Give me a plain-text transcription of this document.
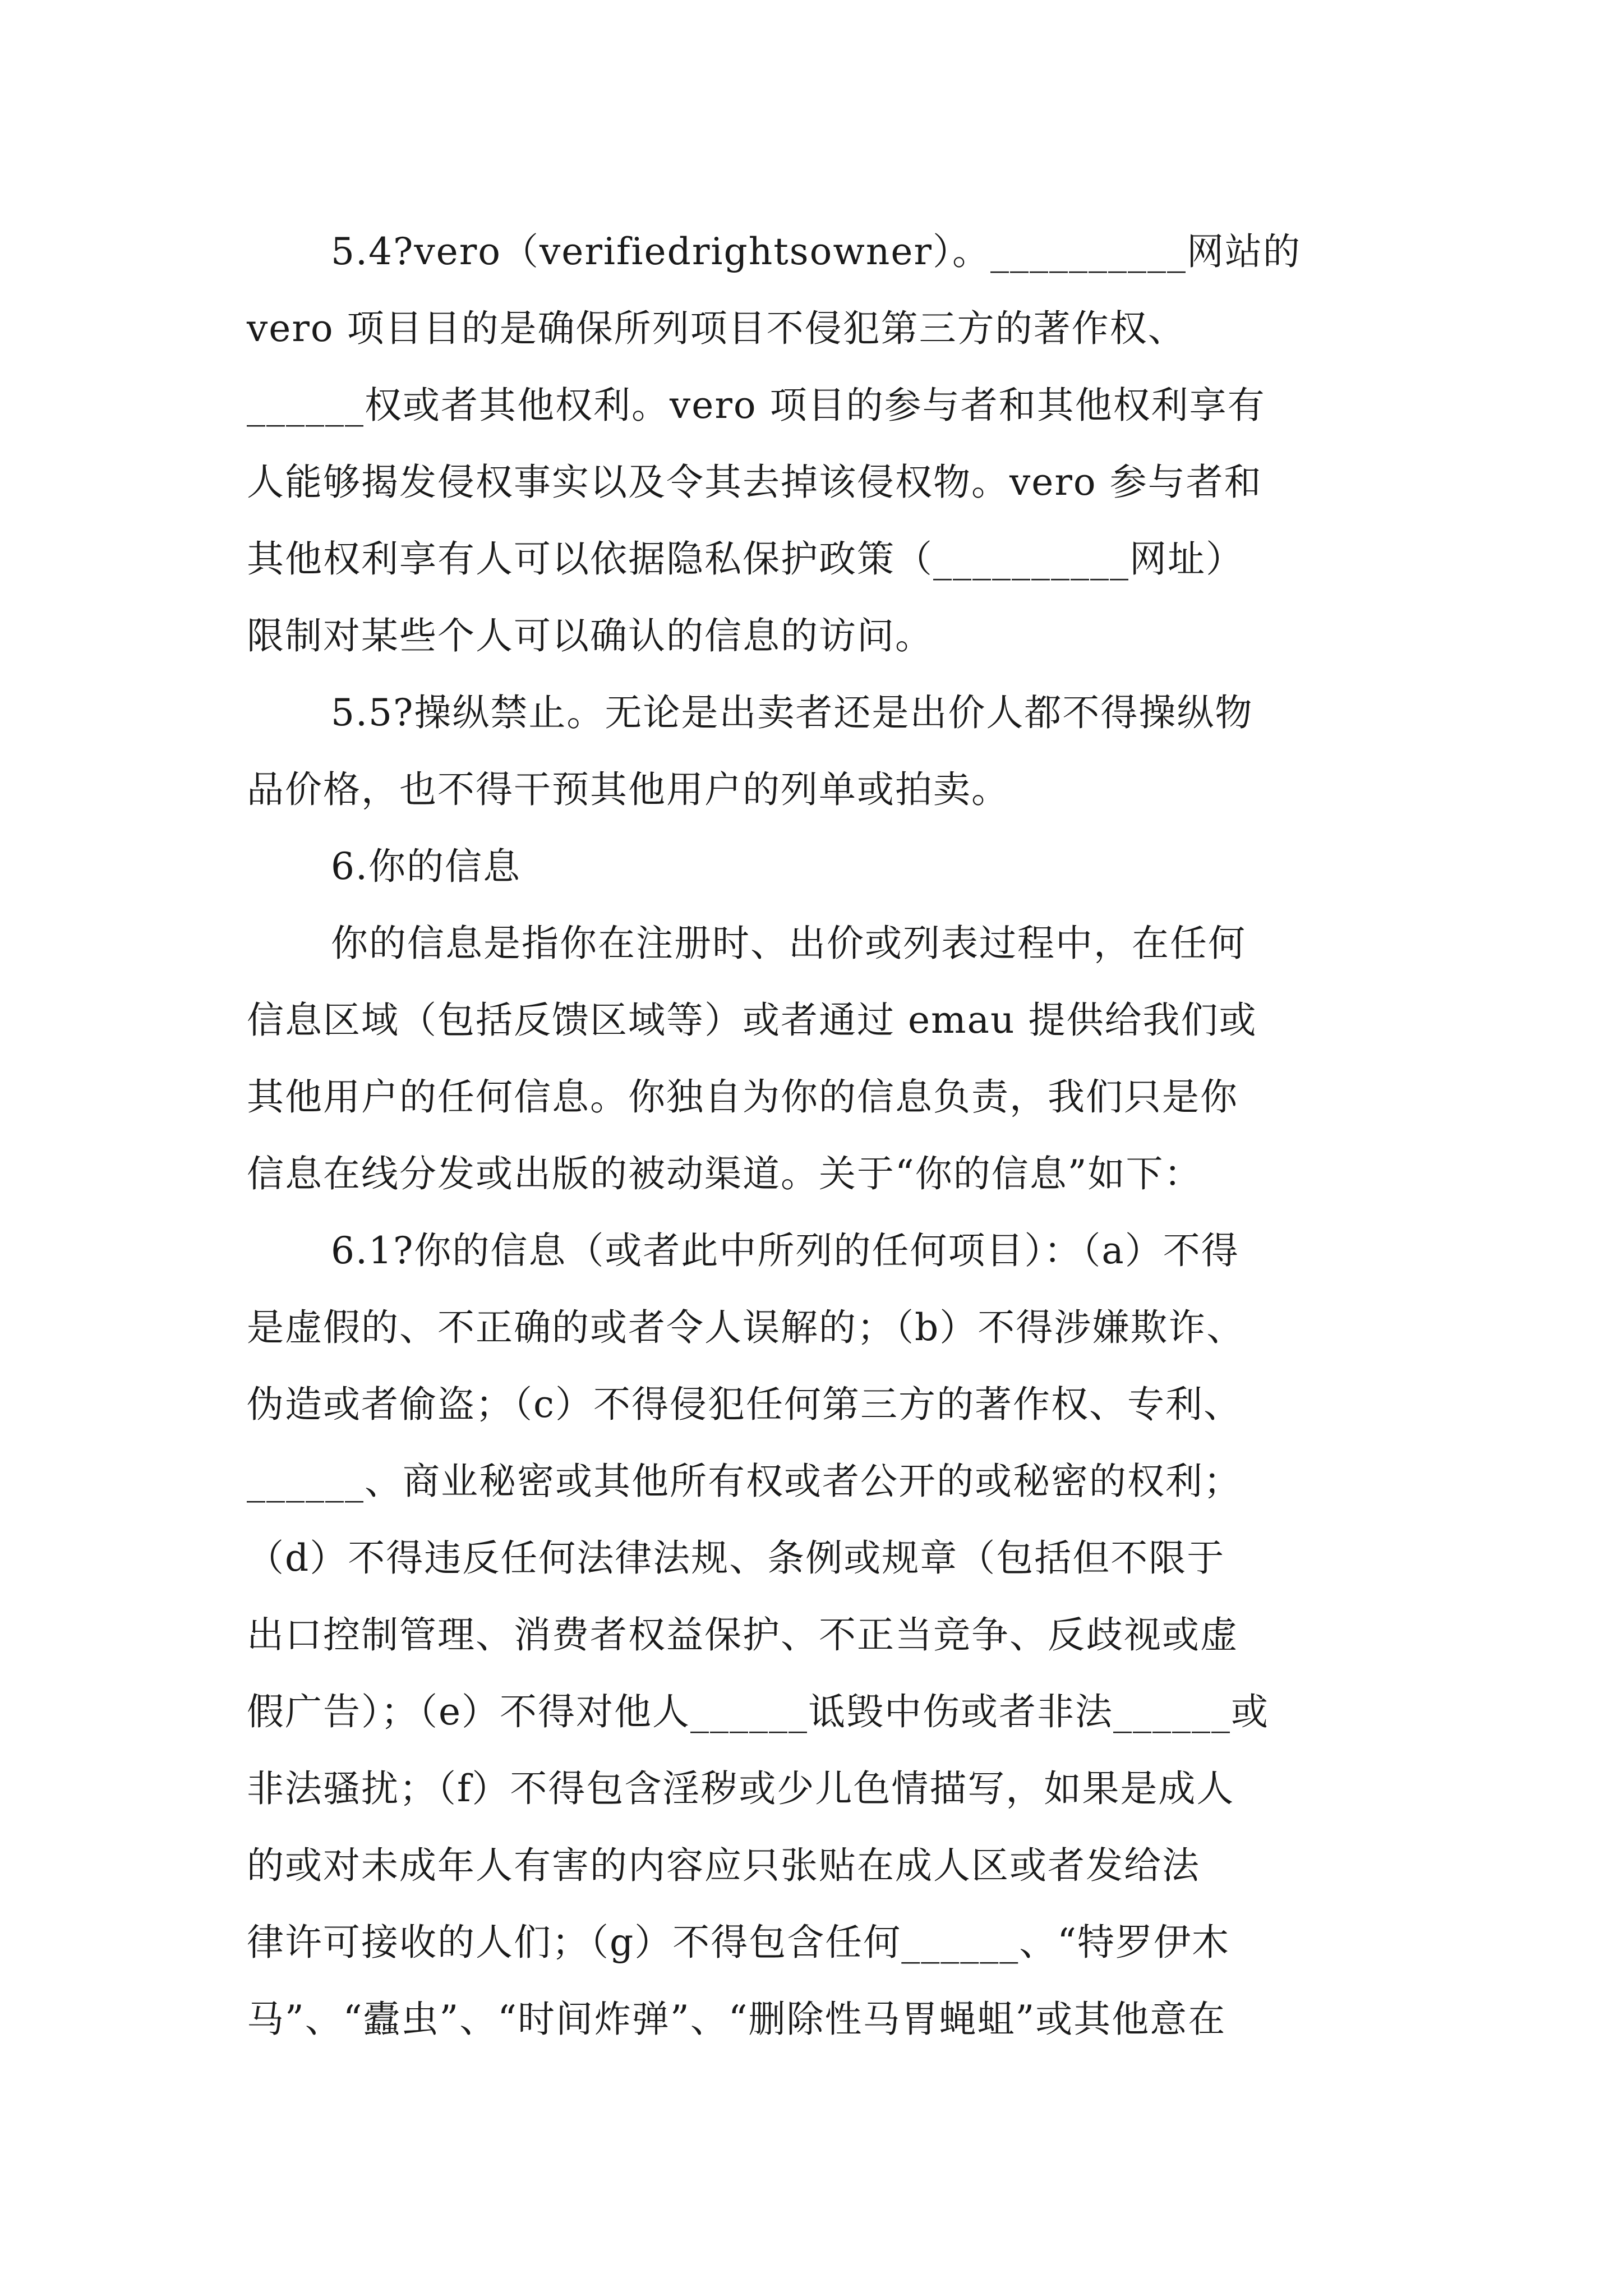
5.4?vero（verifiedrightsowner）。__________网站的
vero 项目目的是确保所列项目不侵犯第三方的著作权、
______权或者其他权利。vero 项目的参与者和其他权利享有
人能够揭发侵权事实以及令其去掉该侵权物。vero 参与者和
其他权利享有人可以依据隐私保护政策（__________网址）
限制对某些个人可以确认的信息的访问。
5.5?操纵禁止。无论是出卖者还是出价人都不得操纵物
品价格，也不得干预其他用户的列单或拍卖。
6.你的信息
你的信息是指你在注册时、出价或列表过程中，在任何
信息区域（包括反馈区域等）或者通过 emau 提供给我们或
其他用户的任何信息。你独自为你的信息负责，我们只是你
信息在线分发或出版的被动渠道。关于“你的信息”如下：
6.1?你的信息（或者此中所列的任何项目）：（a）不得
是虚假的、不正确的或者令人误解的；（b）不得涉嫌欺诈、
伪造或者偷盗；（c）不得侵犯任何第三方的著作权、专利、
______、商业秘密或其他所有权或者公开的或秘密的权利；
（d）不得违反任何法律法规、条例或规章（包括但不限于
出口控制管理、消费者权益保护、不正当竞争、反歧视或虚
假广告）；（e）不得对他人______诋毁中伤或者非法______或
非法骚扰；（f）不得包含淫秽或少儿色情描写，如果是成人
的或对未成年人有害的内容应只张贴在成人区或者发给法
律许可接收的人们；（g）不得包含任何______、“特罗伊木
马”、“蠹虫”、“时间炸弹”、“删除性马胃蝇蛆”或其他意在
